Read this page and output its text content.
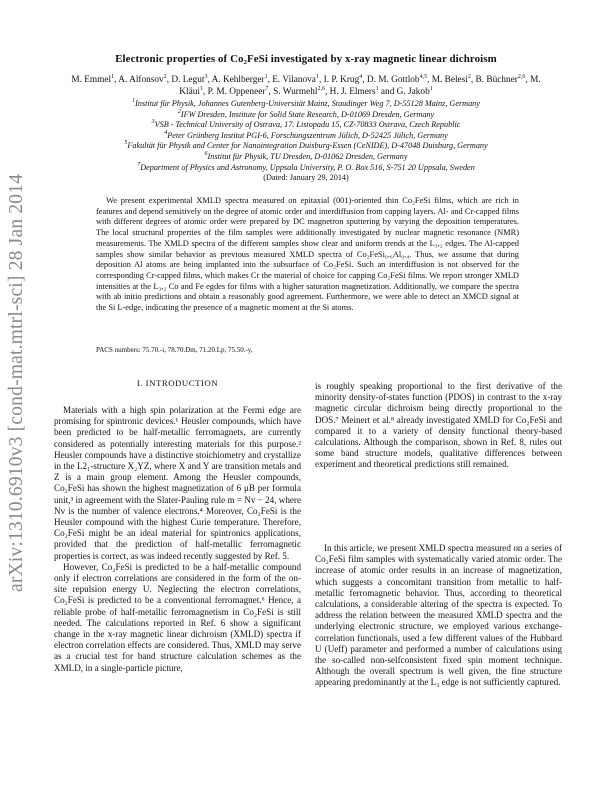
arXiv:1310.6910v3 [cond-mat.mtrl-sci] 28 Jan 2014
Electronic properties of Co₂FeSi investigated by x-ray magnetic linear dichroism
M. Emmel$^1$, A. Alfonsov$^2$, D. Legut$^3$, A. Kehlberger$^1$, E. Vilanova$^1$, I. P. Krug$^4$, D. M. Gottlob$^{4,5}$, M. Belesi$^2$, B. Büchner$^{2,6}$, M. Kläui$^1$, P. M. Oppeneer$^7$, S. Wurmehl$^{2,6}$, H. J. Elmers$^1$ and G. Jakob$^1$
$^1$Institut für Physik, Johannes Gutenberg-Universität Mainz, Staudinger Weg 7, D-55128 Mainz, Germany
$^2$IFW Dresden, Institute for Solid State Research, D-01069 Dresden, Germany
$^3$VSB - Technical University of Ostrava, 17. Listopadu 15, CZ-70833 Ostrava, Czech Republic
$^4$Peter Grünberg Institut PGI-6, Forschungszentrum Jülich, D-52425 Jülich, Germany
$^5$Fakultät für Physik and Center for Nanointegration Duisburg-Essen (CeNIDE), D-47048 Duisburg, Germany
$^6$Institut für Physik, TU Dresden, D-01062 Dresden, Germany
$^7$Department of Physics and Astronomy, Uppsala University, P. O. Box 516, S-751 20 Uppsala, Sweden
(Dated: January 29, 2014)
We present experimental XMLD spectra measured on epitaxial (001)-oriented thin Co₂FeSi films, which are rich in features and depend sensitively on the degree of atomic order and interdiffusion from capping layers. Al- and Cr-capped films with different degrees of atomic order were prepared by DC magnetron sputtering by varying the deposition temperatures. The local structural properties of the film samples were additionally investigated by nuclear magnetic resonance (NMR) measurements. The XMLD spectra of the different samples show clear and uniform trends at the L₃,₂ edges. The Al-capped samples show similar behavior as previous measured XMLD spectra of Co₂FeSi₀.₆Al₀.₄. Thus, we assume that during deposition Al atoms are being implanted into the subsurface of Co₂FeSi. Such an interdiffusion is not observed for the corresponding Cr-capped films, which makes Cr the material of choice for capping Co₂FeSi films. We report stronger XMLD intensities at the L₃,₂ Co and Fe egdes for films with a higher saturation magnetization. Additionally, we compare the spectra with ab initio predictions and obtain a reasonably good agreement. Furthermore, we were able to detect an XMCD signal at the Si L-edge, indicating the presence of a magnetic moment at the Si atoms.
PACS numbers: 75.70.-i, 78.70.Dm, 71.20.Lp, 75.50.-y,
I. INTRODUCTION

Materials with a high spin polarization at the Fermi edge are promising for spintronic devices.¹ Heusler compounds, which have been predicted to be half-metallic ferromagnets, are currently considered as potentially interesting materials for this purpose.² Heusler compounds have a distinctive stoichiometry and crystallize in the L2₁-structure X₂YZ, where X and Y are transition metals and Z is a main group element. Among the Heusler compounds, Co₂FeSi has shown the highest magnetization of 6 μB per formula unit,³ in agreement with the Slater-Pauling rule m = Nv − 24, where Nv is the number of valence electrons.⁴ Moreover, Co₂FeSi is the Heusler compound with the highest Curie temperature. Therefore, Co₂FeSi might be an ideal material for spintronics applications, provided that the prediction of half-metallic ferromagnetic properties is correct, as was indeed recently suggested by Ref. 5.

However, Co₂FeSi is predicted to be a half-metallic compound only if electron correlations are considered in the form of the on-site repulsion energy U. Neglecting the electron correlations, Co₂FeSi is predicted to be a conventional ferromagnet.⁶ Hence, a reliable probe of half-metallic ferromagnetism in Co₂FeSi is still needed. The calculations reported in Ref. 6 show a significant change in the x-ray magnetic linear dichroism (XMLD) spectra if electron correlation effects are considered. Thus, XMLD may serve as a crucial test for band structure calculation schemes as the XMLD, in a single-particle picture,

is roughly speaking proportional to the first derivative of the minority density-of-states function (PDOS) in contrast to the x-ray magnetic circular dichroism being directly proportional to the DOS.⁷ Meinert et al.⁸ already investigated XMLD for Co₂FeSi and compared it to a variety of density functional theory-based calculations. Although the comparison, shown in Ref. 8, rules out some band structure models, qualitative differences between experiment and theoretical predictions still remained.

In this article, we present XMLD spectra measured on a series of Co₂FeSi film samples with systematically varied atomic order. The increase of atomic order results in an increase of magnetization, which suggests a concomitant transition from metallic to half-metallic ferromagnetic behavior. Thus, according to theoretical calculations, a considerable altering of the spectra is expected. To address the relation between the measured XMLD spectra and the underlying electronic structure, we employed various exchange-correlation functionals, used a few different values of the Hubbard U (Ueff) parameter and performed a number of calculations using the so-called non-selfconsistent fixed spin moment technique. Although the overall spectrum is well given, the fine structure appearing predominantly at the L₃ edge is not sufficiently captured.
